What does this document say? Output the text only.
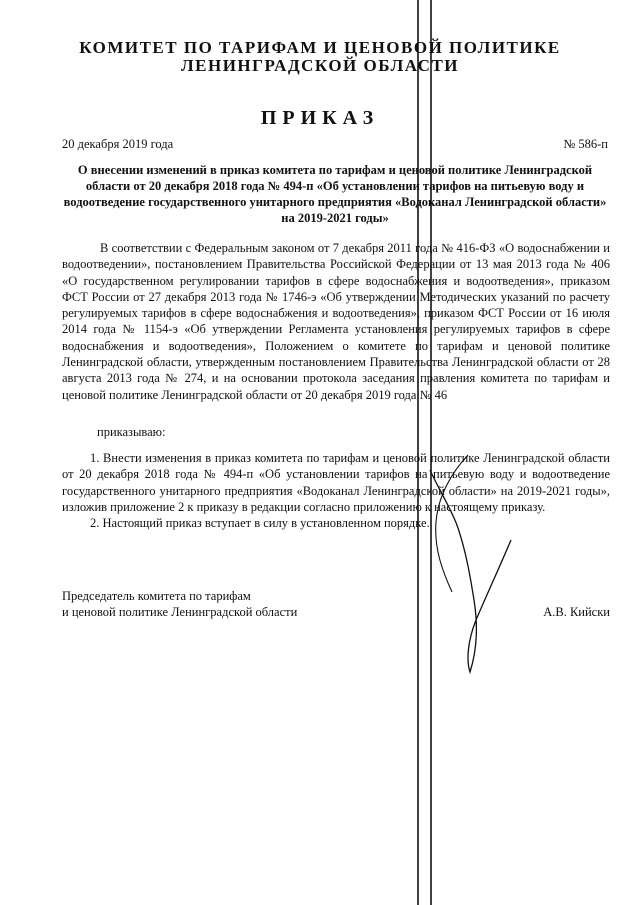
КОМИТЕТ ПО ТАРИФАМ И ЦЕНОВОЙ ПОЛИТИКЕ
ЛЕНИНГРАДСКОЙ ОБЛАСТИ
ПРИКАЗ
20 декабря 2019 года	№ 586-п
О внесении изменений в приказ комитета по тарифам и ценовой политике Ленинградской области от 20 декабря 2018 года № 494-п «Об установлении тарифов на питьевую воду и водоотведение государственного унитарного предприятия «Водоканал Ленинградской области» на 2019-2021 годы»

В соответствии с Федеральным законом от 7 декабря 2011 года № 416-ФЗ «О водоснабжении и водоотведении», постановлением Правительства Российской Федерации от 13 мая 2013 года № 406 «О государственном регулировании тарифов в сфере водоснабжения и водоотведения», приказом ФСТ России от 27 декабря 2013 года № 1746-э «Об утверждении Методических указаний по расчету регулируемых тарифов в сфере водоснабжения и водоотведения», приказом ФСТ России от 16 июля 2014 года № 1154-э «Об утверждении Регламента установления регулируемых тарифов в сфере водоснабжения и водоотведения», Положением о комитете по тарифам и ценовой политике Ленинградской области, утвержденным постановлением Правительства Ленинградской области от 28 августа 2013 года № 274, и на основании протокола заседания правления комитета по тарифам и ценовой политике Ленинградской области от 20 декабря 2019 года № 46

приказываю:

1. Внести изменения в приказ комитета по тарифам и ценовой политике Ленинградской области от 20 декабря 2018 года № 494-п «Об установлении тарифов на питьевую воду и водоотведение государственного унитарного предприятия «Водоканал Ленинградской области» на 2019-2021 годы», изложив приложение 2 к приказу в редакции согласно приложению к настоящему приказу.

2. Настоящий приказ вступает в силу в установленном порядке.

Председатель комитета по тарифам
и ценовой политике Ленинградской области	А.В. Кийски
